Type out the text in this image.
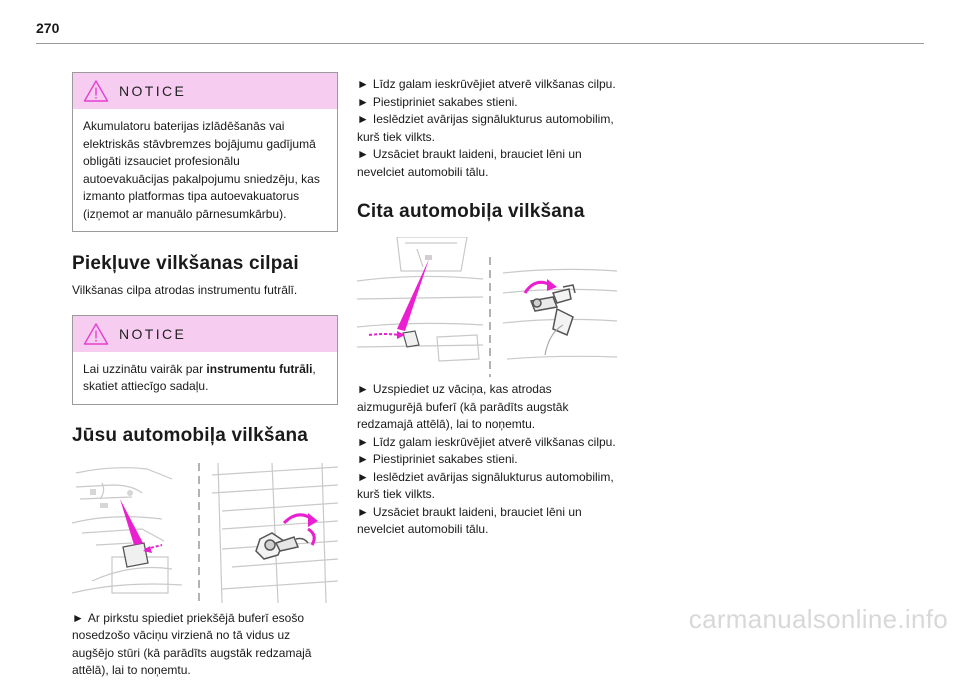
270
NOTICE
Akumulatoru baterijas izlādēšanās vai
elektriskās stāvbremzes bojājumu gadījumā
obligāti izsauciet profesionālu
autoevakuācijas pakalpojumu sniedzēju, kas
izmanto platformas tipa autoevakuatorus
(izņemot ar manuālo pārnesumkārbu).
Piekļuve vilkšanas cilpai

Vilkšanas cilpa atrodas instrumentu futrālī.

NOTICE
Lai uzzinātu vairāk par instrumentu futrāli,
skatiet attiecīgo sadaļu.
Jūsu automobiļa vilkšana

► Ar pirkstu spiediet priekšējā buferī esošo
nosedzošo vāciņu virzienā no tā vidus uz
augšējo stūri (kā parādīts augstāk redzamajā
attēlā), lai to noņemtu.

► Līdz galam ieskrūvējiet atverē vilkšanas cilpu.
► Piestipriniet sakabes stieni.
► Ieslēdziet avārijas signālukturus automobilim,
kurš tiek vilkts.
► Uzsāciet braukt laideni, brauciet lēni un
nevelciet automobili tālu.

Cita automobiļa vilkšana

► Uzspiediet uz vāciņa, kas atrodas
aizmugurējā buferī (kā parādīts augstāk
redzamajā attēlā), lai to noņemtu.
► Līdz galam ieskrūvējiet atverē vilkšanas cilpu.
► Piestipriniet sakabes stieni.
► Ieslēdziet avārijas signālukturus automobilim,
kurš tiek vilkts.
► Uzsāciet braukt laideni, brauciet lēni un
nevelciet automobili tālu.

carmanualsonline.info
